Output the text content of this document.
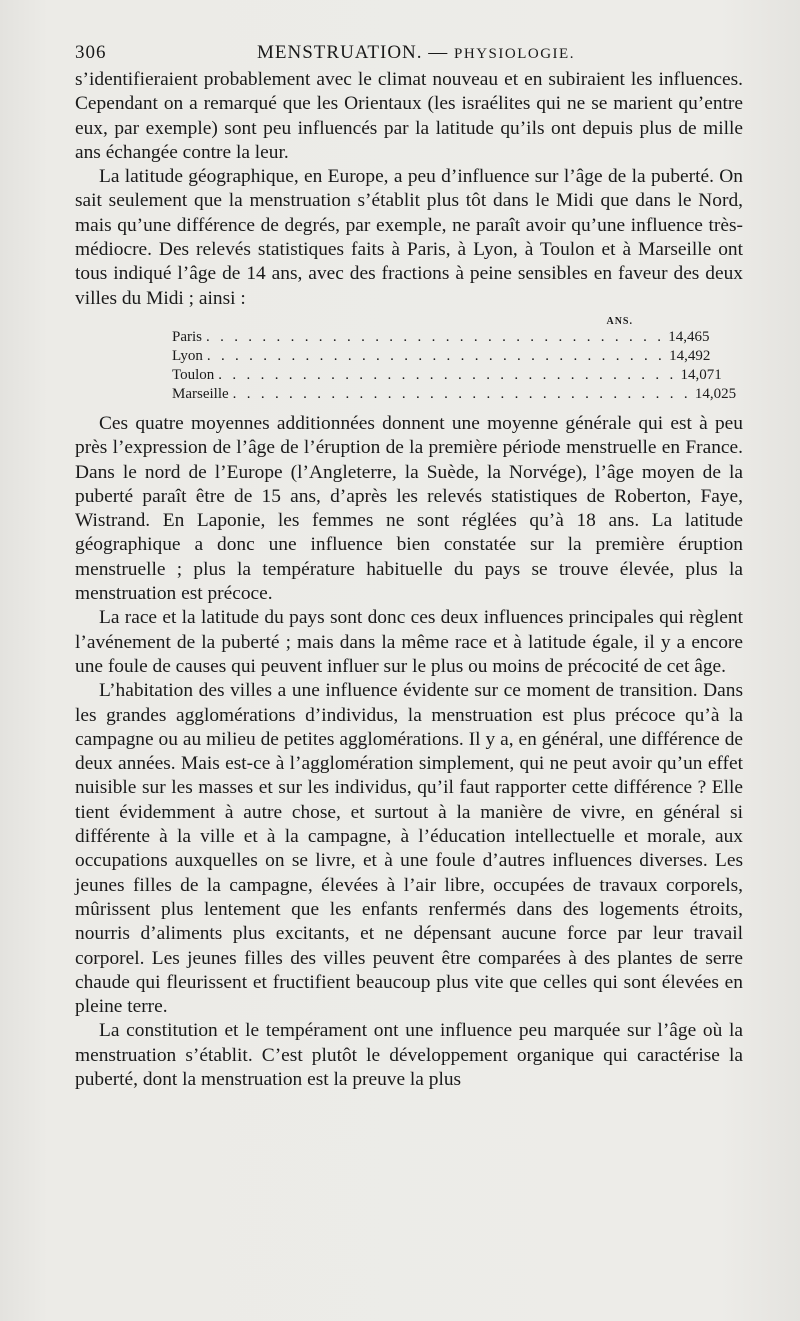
306	MENSTRUATION. — PHYSIOLOGIE.

s’identifieraient probablement avec le climat nouveau et en subiraient les influences. Cependant on a remarqué que les Orientaux (les israélites qui ne se marient qu’entre eux, par exemple) sont peu influencés par la latitude qu’ils ont depuis plus de mille ans échangée contre la leur.

La latitude géographique, en Europe, a peu d’influence sur l’âge de la puberté. On sait seulement que la menstruation s’établit plus tôt dans le Midi que dans le Nord, mais qu’une différence de degrés, par exemple, ne paraît avoir qu’une influence très-médiocre. Des relevés statistiques faits à Paris, à Lyon, à Toulon et à Marseille ont tous indiqué l’âge de 14 ans, avec des fractions à peine sensibles en faveur des deux villes du Midi ; ainsi :

ANS.
Paris . . . . . . . . . . . . . . . . . . . . . . . . . . . . . . . . . 14,465
Lyon . . . . . . . . . . . . . . . . . . . . . . . . . . . . . . . . . 14,492
Toulon . . . . . . . . . . . . . . . . . . . . . . . . . . . . . . . . . 14,071
Marseille . . . . . . . . . . . . . . . . . . . . . . . . . . . . . . . . . 14,025

Ces quatre moyennes additionnées donnent une moyenne générale qui est à peu près l’expression de l’âge de l’éruption de la première période menstruelle en France. Dans le nord de l’Europe (l’Angleterre, la Suède, la Norvége), l’âge moyen de la puberté paraît être de 15 ans, d’après les relevés statistiques de Roberton, Faye, Wistrand. En Laponie, les femmes ne sont réglées qu’à 18 ans. La latitude géographique a donc une influence bien constatée sur la première éruption menstruelle ; plus la température habituelle du pays se trouve élevée, plus la menstruation est précoce.

La race et la latitude du pays sont donc ces deux influences principales qui règlent l’avénement de la puberté ; mais dans la même race et à latitude égale, il y a encore une foule de causes qui peuvent influer sur le plus ou moins de précocité de cet âge.

L’habitation des villes a une influence évidente sur ce moment de transition. Dans les grandes agglomérations d’individus, la menstruation est plus précoce qu’à la campagne ou au milieu de petites agglomérations. Il y a, en général, une différence de deux années. Mais est-ce à l’agglomération simplement, qui ne peut avoir qu’un effet nuisible sur les masses et sur les individus, qu’il faut rapporter cette différence ? Elle tient évidemment à autre chose, et surtout à la manière de vivre, en général si différente à la ville et à la campagne, à l’éducation intellectuelle et morale, aux occupations auxquelles on se livre, et à une foule d’autres influences diverses. Les jeunes filles de la campagne, élevées à l’air libre, occupées de travaux corporels, mûrissent plus lentement que les enfants renfermés dans des logements étroits, nourris d’aliments plus excitants, et ne dépensant aucune force par leur travail corporel. Les jeunes filles des villes peuvent être comparées à des plantes de serre chaude qui fleurissent et fructifient beaucoup plus vite que celles qui sont élevées en pleine terre.

La constitution et le tempérament ont une influence peu marquée sur l’âge où la menstruation s’établit. C’est plutôt le développement organique qui caractérise la puberté, dont la menstruation est la preuve la plus
